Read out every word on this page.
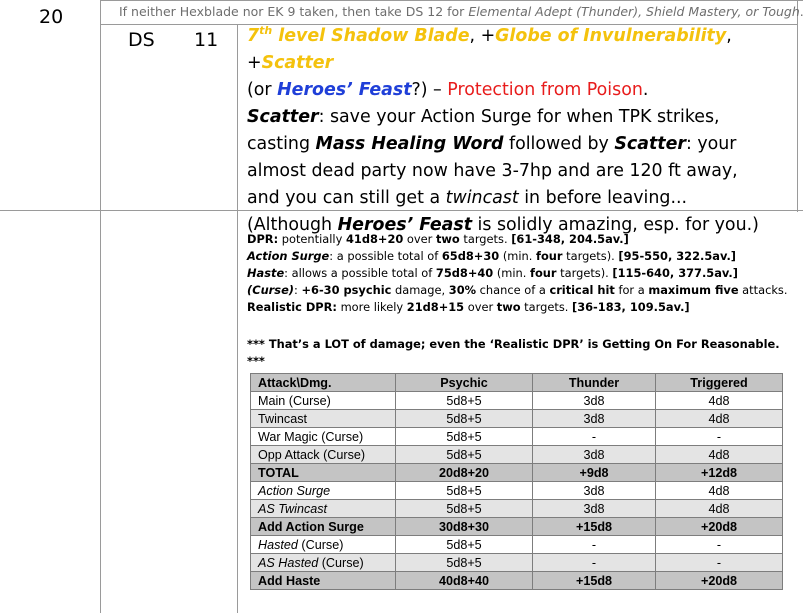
20	If neither Hexblade nor EK 9 taken, then take DS 12 for Elemental Adept (Thunder), Shield Mastery, or Tough.
DS 11 7th level Shadow Blade, +Globe of Invulnerability, +Scatter
(or Heroes’ Feast?) – Protection from Poison.
Scatter: save your Action Surge for when TPK strikes,
casting Mass Healing Word followed by Scatter: your
almost dead party now have 3-7hp and are 120 ft away,
and you can still get a twincast in before leaving...
(Although Heroes’ Feast is solidly amazing, esp. for you.)
DPR: potentially 41d8+20 over two targets. [61-348, 204.5av.]
Action Surge: a possible total of 65d8+30 (min. four targets). [95-550, 322.5av.]
Haste: allows a possible total of 75d8+40 (min. four targets). [115-640, 377.5av.]
(Curse): +6-30 psychic damage, 30% chance of a critical hit for a maximum five attacks.
Realistic DPR: more likely 21d8+15 over two targets. [36-183, 109.5av.]
*** That’s a LOT of damage; even the ‘Realistic DPR’ is Getting On For Reasonable. ***
Attack\Dmg.	Psychic	Thunder	Triggered
Main (Curse)	5d8+5	3d8	4d8
Twincast	5d8+5	3d8	4d8
War Magic (Curse)	5d8+5	-	-
Opp Attack (Curse)	5d8+5	3d8	4d8
TOTAL	20d8+20	+9d8	+12d8
Action Surge	5d8+5	3d8	4d8
AS Twincast	5d8+5	3d8	4d8
Add Action Surge	30d8+30	+15d8	+20d8
Hasted (Curse)	5d8+5	-	-
AS Hasted (Curse)	5d8+5	-	-
Add Haste	40d8+40	+15d8	+20d8
